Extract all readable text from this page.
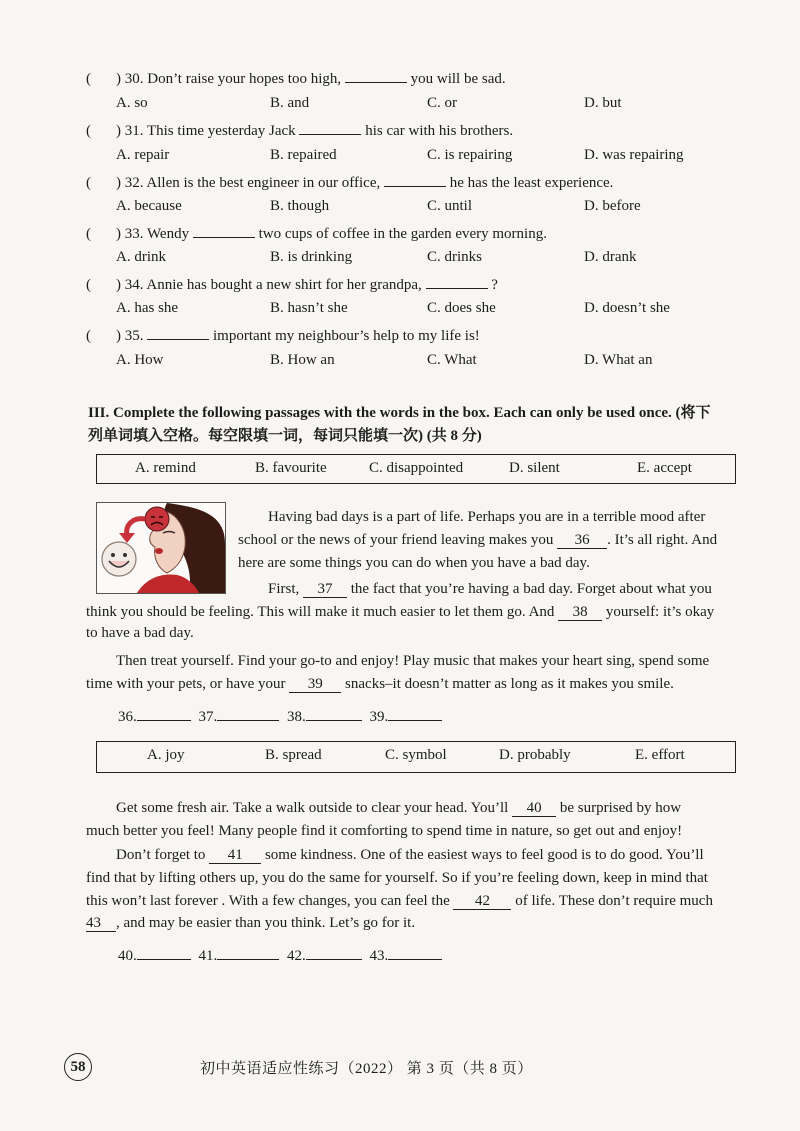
( ) 30. Don’t raise your hopes too high,	you will be sad.
A. so	B. and	C. or	D. but
( ) 31. This time yesterday Jack	his car with his brothers.
A. repair	B. repaired	C. is repairing	D. was repairing
( ) 32. Allen is the best engineer in our office,	he has the least experience.
A. because	B. though	C. until	D. before
( ) 33. Wendy	two cups of coffee in the garden every morning.
A. drink	B. is drinking	C. drinks	D. drank
( ) 34. Annie has bought a new shirt for her grandpa,	?
A. has she	B. hasn’t she	C. does she	D. doesn’t she
( ) 35.	important my neighbour’s help to my life is!
A. How	B. How an	C. What	D. What an
III. Complete the following passages with the words in the box. Each can only be used once. (将下
列单词填入空格。每空限填一词，每词只能填一次) (共 8 分)
A. remind	B. favourite	C. disappointed	D. silent	E. accept
Having bad days is a part of life. Perhaps you are in a terrible mood after
school or the news of your friend leaving makes you 36 . It’s all right. And
here are some things you can do when you have a bad day.
First, 37 the fact that you’re having a bad day. Forget about what you
think you should be feeling. This will make it much easier to let them go. And 38 yourself: it’s okay
to have a bad day.
Then treat yourself. Find your go-to and enjoy! Play music that makes your heart sing, spend some
time with your pets, or have your 39 snacks–it doesn’t matter as long as it makes you smile.
36.	37.	38.	39.
A. joy	B. spread	C. symbol	D. probably	E. effort
Get some fresh air. Take a walk outside to clear your head. You’ll 40 be surprised by how
much better you feel! Many people find it comforting to spend time in nature, so get out and enjoy!
Don’t forget to 41 some kindness. One of the easiest ways to feel good is to do good. You’ll
find that by lifting others up, you do the same for yourself. So if you’re feeling down, keep in mind that
this won’t last forever . With a few changes, you can feel the 42 of life. These don’t require much
43 , and may be easier than you think. Let’s go for it.
40.	41.	42.	43.
58	初中英语适应性练习（2022） 第 3 页（共 8 页）
